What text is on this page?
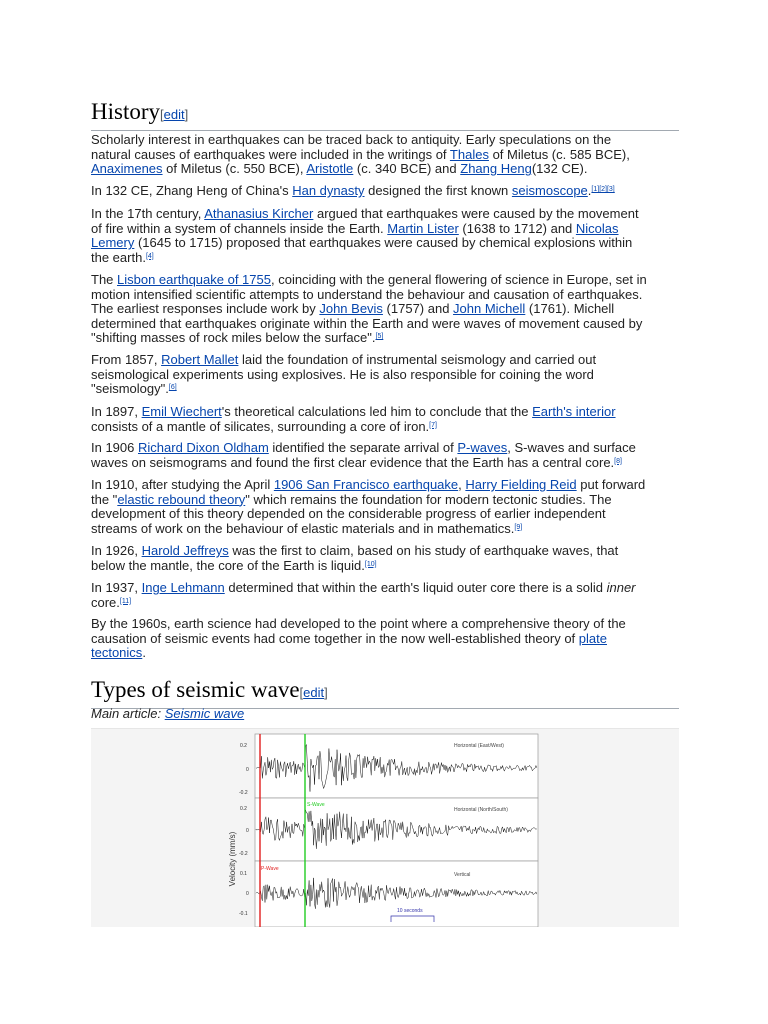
History[edit]

Scholarly interest in earthquakes can be traced back to antiquity. Early speculations on the natural causes of earthquakes were included in the writings of Thales of Miletus (c. 585 BCE), Anaximenes of Miletus (c. 550 BCE), Aristotle (c. 340 BCE) and Zhang Heng(132 CE).

In 132 CE, Zhang Heng of China's Han dynasty designed the first known seismoscope.[1][2][3]

In the 17th century, Athanasius Kircher argued that earthquakes were caused by the movement of fire within a system of channels inside the Earth. Martin Lister (1638 to 1712) and Nicolas Lemery (1645 to 1715) proposed that earthquakes were caused by chemical explosions within the earth.[4]

The Lisbon earthquake of 1755, coinciding with the general flowering of science in Europe, set in motion intensified scientific attempts to understand the behaviour and causation of earthquakes. The earliest responses include work by John Bevis (1757) and John Michell (1761). Michell determined that earthquakes originate within the Earth and were waves of movement caused by "shifting masses of rock miles below the surface".[5]

From 1857, Robert Mallet laid the foundation of instrumental seismology and carried out seismological experiments using explosives. He is also responsible for coining the word "seismology".[6]

In 1897, Emil Wiechert's theoretical calculations led him to conclude that the Earth's interior consists of a mantle of silicates, surrounding a core of iron.[7]

In 1906 Richard Dixon Oldham identified the separate arrival of P-waves, S-waves and surface waves on seismograms and found the first clear evidence that the Earth has a central core.[8]

In 1910, after studying the April 1906 San Francisco earthquake, Harry Fielding Reid put forward the "elastic rebound theory" which remains the foundation for modern tectonic studies. The development of this theory depended on the considerable progress of earlier independent streams of work on the behaviour of elastic materials and in mathematics.[9]

In 1926, Harold Jeffreys was the first to claim, based on his study of earthquake waves, that below the mantle, the core of the Earth is liquid.[10]

In 1937, Inge Lehmann determined that within the earth's liquid outer core there is a solid inner core.[11]

By the 1960s, earth science had developed to the point where a comprehensive theory of the causation of seismic events had come together in the now well-established theory of plate tectonics.

Types of seismic wave[edit]
Main article: Seismic wave
Velocity (mm/s)
Horizontal (East/West)
0.2
0
-0.2
Horizontal (North/South)
0.2
0
-0.2
S-Wave
Vertical
0.1
0
-0.1
P-Wave
10 seconds
